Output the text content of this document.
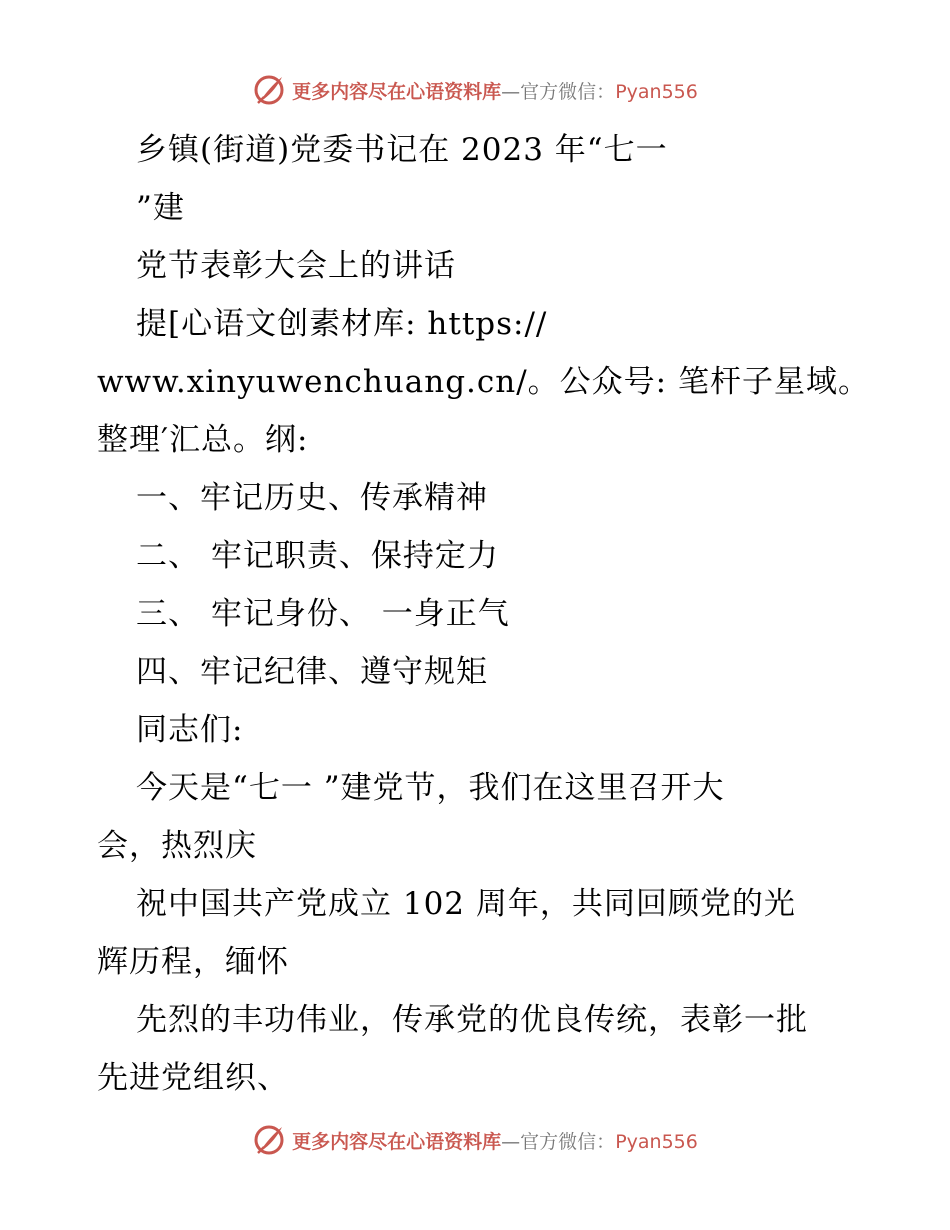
更多内容尽在心语资料库—官方微信：Pyan556
乡镇(街道)党委书记在 2023 年“七一
”建
党节表彰大会上的讲话
提[心语文创素材库: https://
www.xinyuwenchuang.cn/。公众号: 笔杆子星域。
整理′汇总。纲:
一、牢记历史、传承精神
二、 牢记职责、保持定力
三、 牢记身份、 一身正气
四、牢记纪律、遵守规矩
同志们:
今天是“七一 ”建党节，我们在这里召开大
会，热烈庆
祝中国共产党成立 102 周年，共同回顾党的光
辉历程，缅怀
先烈的丰功伟业，传承党的优良传统，表彰一批
先进党组织、
更多内容尽在心语资料库—官方微信：Pyan556
